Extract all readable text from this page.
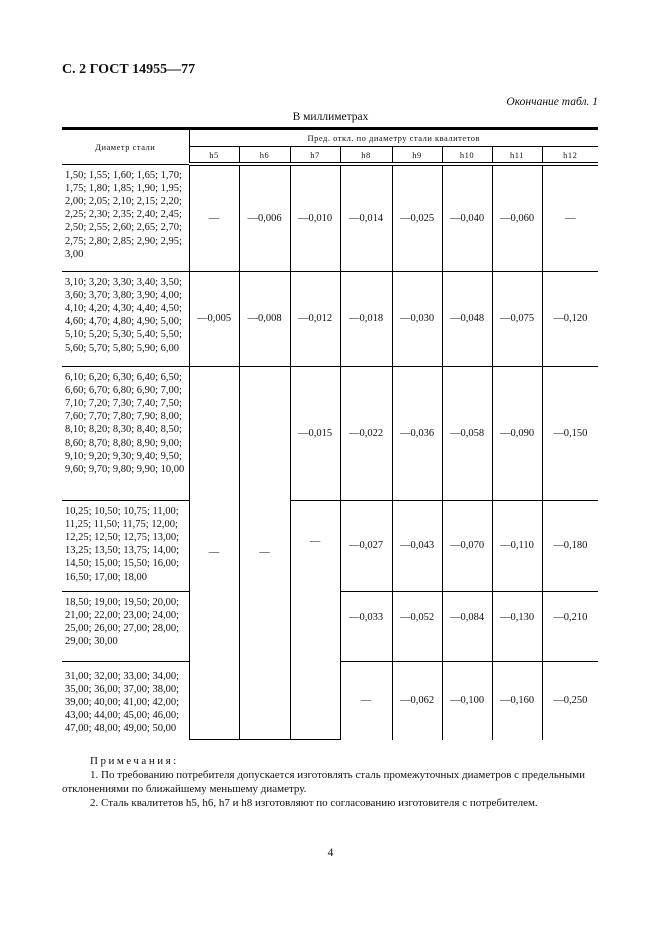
С. 2 ГОСТ 14955—77
Окончание табл. 1
В миллиметрах
Диаметр стали	Пред. откл. по диаметру стали квалитетов							
	h5	h6	h7	h8	h9	h10	h11	h12
1,50; 1,55; 1,60; 1,65; 1,70; 1,75; 1,80; 1,85; 1,90; 1,95; 2,00; 2,05; 2,10; 2,15; 2,20; 2,25; 2,30; 2,35; 2,40; 2,45; 2,50; 2,55; 2,60; 2,65; 2,70; 2,75; 2,80; 2,85; 2,90; 2,95; 3,00	—	—0,006	—0,010	—0,014	—0,025	—0,040	—0,060	—
3,10; 3,20; 3,30; 3,40; 3,50; 3,60; 3,70; 3,80; 3,90; 4,00; 4,10; 4,20; 4,30; 4,40; 4,50; 4,60; 4,70; 4,80; 4,90; 5,00; 5,10; 5,20; 5,30; 5,40; 5,50; 5,60; 5,70; 5,80; 5,90; 6,00	—0,005	—0,008	—0,012	—0,018	—0,030	—0,048	—0,075	—0,120
6,10; 6,20; 6,30; 6,40; 6,50; 6,60; 6,70; 6,80; 6,90; 7,00; 7,10; 7,20; 7,30; 7,40; 7,50; 7,60; 7,70; 7,80; 7,90; 8,00; 8,10; 8,20; 8,30; 8,40; 8,50; 8,60; 8,70; 8,80; 8,90; 9,00; 9,10; 9,20; 9,30; 9,40; 9,50; 9,60; 9,70; 9,80; 9,90; 10,00	—	—	—0,015	—0,022	—0,036	—0,058	—0,090	—0,150
10,25; 10,50; 10,75; 11,00; 11,25; 11,50; 11,75; 12,00; 12,25; 12,50; 12,75; 13,00; 13,25; 13,50; 13,75; 14,00; 14,50; 15,00; 15,50; 16,00; 16,50; 17,00; 18,00			—	—0,027	—0,043	—0,070	—0,110	—0,180
18,50; 19,00; 19,50; 20,00; 21,00; 22,00; 23,00; 24,00; 25,00; 26,00; 27,00; 28,00; 29,00; 30,00				—0,033	—0,052	—0,084	—0,130	—0,210
31,00; 32,00; 33,00; 34,00; 35,00; 36,00; 37,00; 38,00; 39,00; 40,00; 41,00; 42,00; 43,00; 44,00; 45,00; 46,00; 47,00; 48,00; 49,00; 50,00				—	—0,062	—0,100	—0,160	—0,250
Примечания:
1. По требованию потребителя допускается изготовлять сталь промежуточных диаметров с предельными отклонениями по ближайшему меньшему диаметру.
2. Сталь квалитетов h5, h6, h7 и h8 изготовляют по согласованию изготовителя с потребителем.
4
